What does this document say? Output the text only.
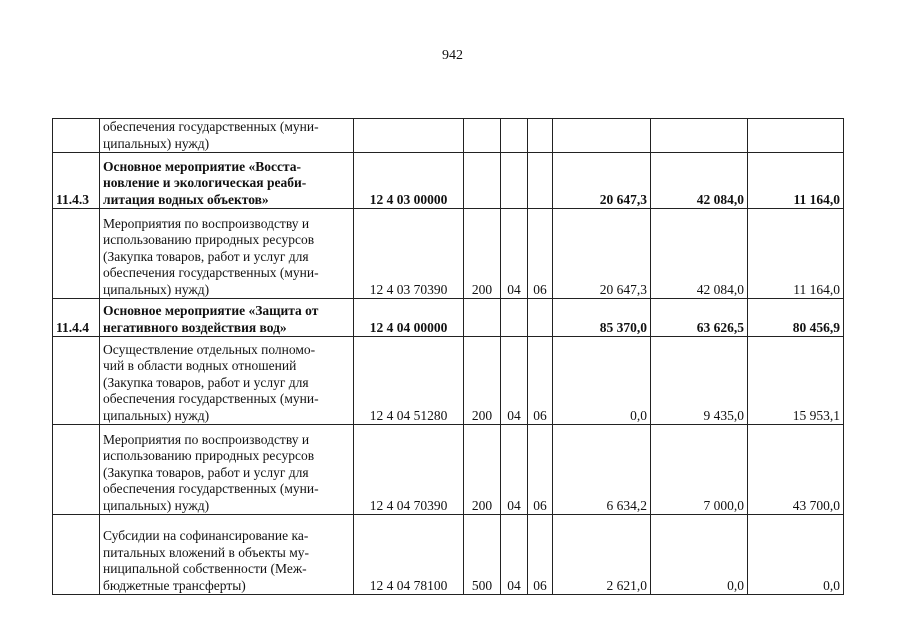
942

	обеспечения государственных (муни-
ципальных) нужд)							

11.4.3	Основное мероприятие «Восста-
новление и экологическая реаби-
литация водных объектов»	12 4 03 00000				20 647,3	42 084,0	11 164,0

	Мероприятия по воспроизводству и
использованию природных ресурсов
(Закупка товаров, работ и услуг для
обеспечения государственных (муни-
ципальных) нужд)	12 4 03 70390	200	04	06	20 647,3	42 084,0	11 164,0
11.4.4	Основное мероприятие «Защита от
негативного воздействия вод»	12 4 04 00000				85 370,0	63 626,5	80 456,9

	Осуществление отдельных полномо-
чий в области водных отношений
(Закупка товаров, работ и услуг для
обеспечения государственных (муни-
ципальных) нужд)	12 4 04 51280	200	04	06	0,0	9 435,0	15 953,1

	Мероприятия по воспроизводству и
использованию природных ресурсов
(Закупка товаров, работ и услуг для
обеспечения государственных (муни-
ципальных) нужд)	12 4 04 70390	200	04	06	6 634,2	7 000,0	43 700,0

	Субсидии на софинансирование ка-
питальных вложений в объекты му-
ниципальной собственности (Меж-
бюджетные трансферты)	12 4 04 78100	500	04	06	2 621,0	0,0	0,0
